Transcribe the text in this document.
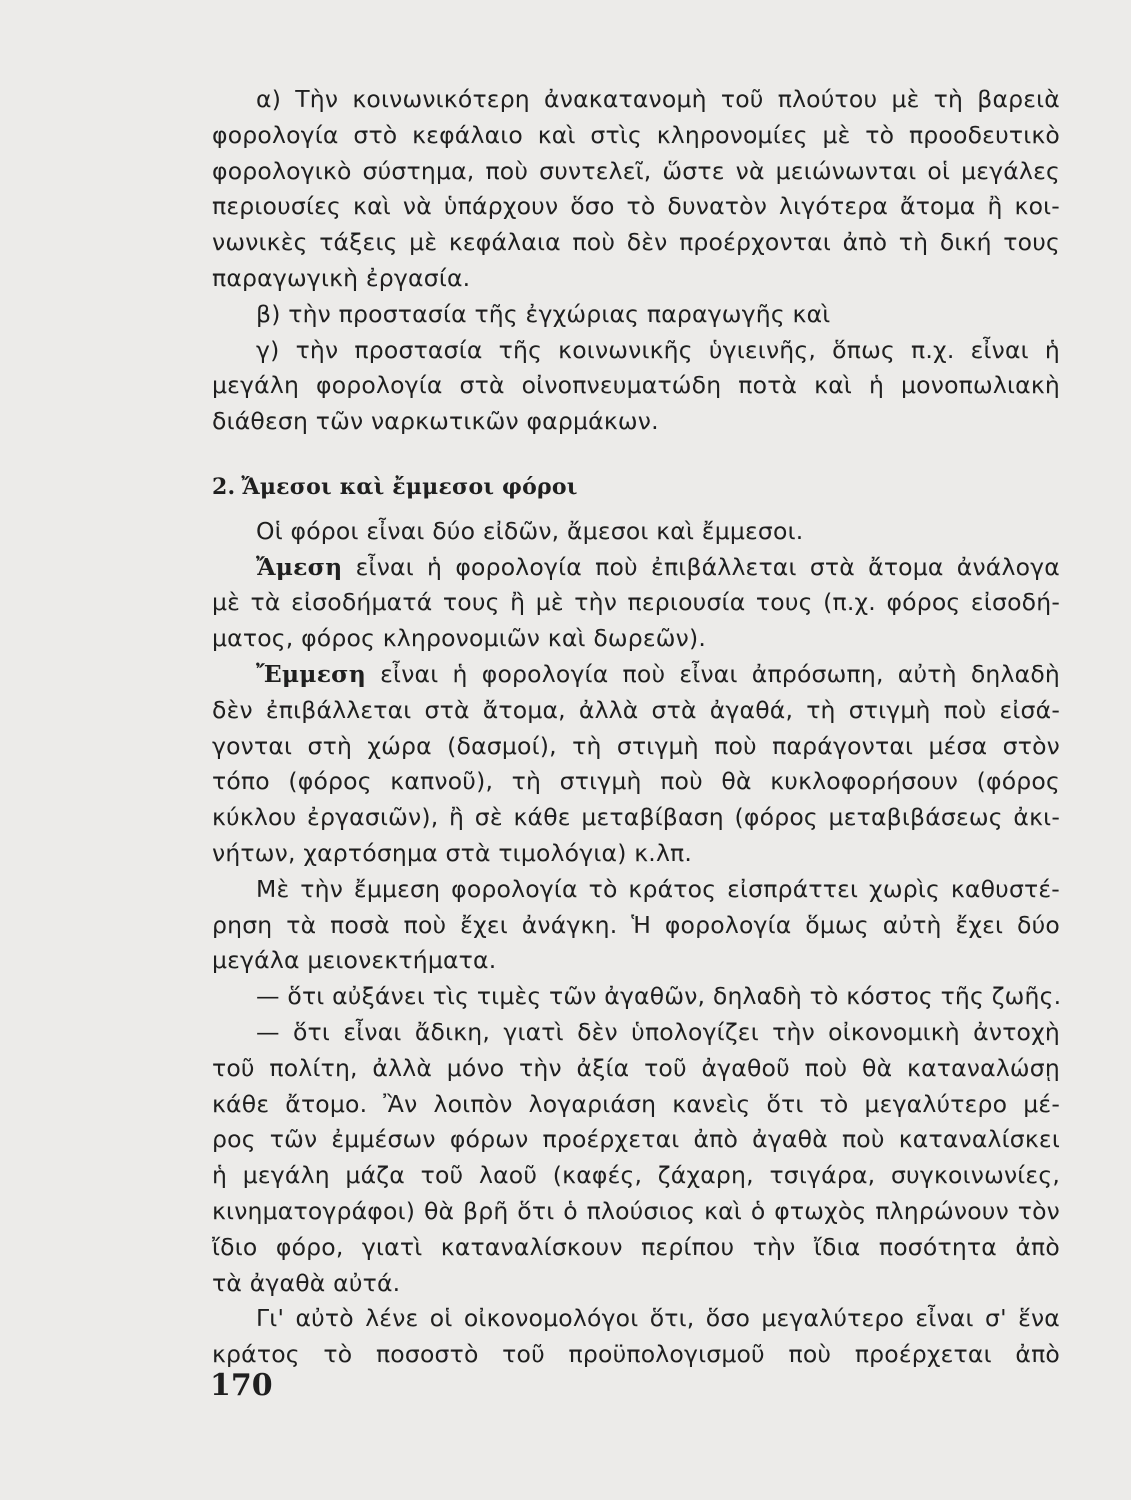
α) Τὴν κοινωνικότερη ἀνακατανομὴ τοῦ πλούτου μὲ τὴ βαρειὰ
φορολογία στὸ κεφάλαιο καὶ στὶς κληρονομίες μὲ τὸ προοδευτικὸ
φορολογικὸ σύστημα, ποὺ συντελεῖ, ὥστε νὰ μειώνωνται οἱ μεγάλες
περιουσίες καὶ νὰ ὑπάρχουν ὅσο τὸ δυνατὸν λιγότερα ἄτομα ἢ κοι-
νωνικὲς τάξεις μὲ κεφάλαια ποὺ δὲν προέρχονται ἀπὸ τὴ δική τους
παραγωγικὴ ἐργασία.
β) τὴν προστασία τῆς ἐγχώριας παραγωγῆς καὶ
γ) τὴν προστασία τῆς κοινωνικῆς ὑγιεινῆς, ὅπως π.χ. εἶναι ἡ
μεγάλη φορολογία στὰ οἰνοπνευματώδη ποτὰ καὶ ἡ μονοπωλιακὴ
διάθεση τῶν ναρκωτικῶν φαρμάκων.
2. Ἄμεσοι καὶ ἔμμεσοι φόροι
Οἱ φόροι εἶναι δύο εἰδῶν, ἄμεσοι καὶ ἔμμεσοι.
Ἄμεση εἶναι ἡ φορολογία ποὺ ἐπιβάλλεται στὰ ἄτομα ἀνάλογα
μὲ τὰ εἰσοδήματά τους ἢ μὲ τὴν περιουσία τους (π.χ. φόρος εἰσοδή-
ματος, φόρος κληρονομιῶν καὶ δωρεῶν).
Ἔμμεση εἶναι ἡ φορολογία ποὺ εἶναι ἀπρόσωπη, αὐτὴ δηλαδὴ
δὲν ἐπιβάλλεται στὰ ἄτομα, ἀλλὰ στὰ ἀγαθά, τὴ στιγμὴ ποὺ εἰσά-
γονται στὴ χώρα (δασμοί), τὴ στιγμὴ ποὺ παράγονται μέσα στὸν
τόπο (φόρος καπνοῦ), τὴ στιγμὴ ποὺ θὰ κυκλοφορήσουν (φόρος
κύκλου ἐργασιῶν), ἢ σὲ κάθε μεταβίβαση (φόρος μεταβιβάσεως ἀκι-
νήτων, χαρτόσημα στὰ τιμολόγια) κ.λπ.
Μὲ τὴν ἔμμεση φορολογία τὸ κράτος εἰσπράττει χωρὶς καθυστέ-
ρηση τὰ ποσὰ ποὺ ἔχει ἀνάγκη. Ἡ φορολογία ὅμως αὐτὴ ἔχει δύο
μεγάλα μειονεκτήματα.
— ὅτι αὐξάνει τὶς τιμὲς τῶν ἀγαθῶν, δηλαδὴ τὸ κόστος τῆς ζωῆς.
— ὅτι εἶναι ἄδικη, γιατὶ δὲν ὑπολογίζει τὴν οἰκονομικὴ ἀντοχὴ
τοῦ πολίτη, ἀλλὰ μόνο τὴν ἀξία τοῦ ἀγαθοῦ ποὺ θὰ καταναλώσῃ
κάθε ἄτομο. Ἂν λοιπὸν λογαριάση κανεὶς ὅτι τὸ μεγαλύτερο μέ-
ρος τῶν ἐμμέσων φόρων προέρχεται ἀπὸ ἀγαθὰ ποὺ καταναλίσκει
ἡ μεγάλη μάζα τοῦ λαοῦ (καφές, ζάχαρη, τσιγάρα, συγκοινωνίες,
κινηματογράφοι) θὰ βρῆ ὅτι ὁ πλούσιος καὶ ὁ φτωχὸς πληρώνουν τὸν
ἴδιο φόρο, γιατὶ καταναλίσκουν περίπου τὴν ἴδια ποσότητα ἀπὸ
τὰ ἀγαθὰ αὐτά.
Γι' αὐτὸ λένε οἱ οἰκονομολόγοι ὅτι, ὅσο μεγαλύτερο εἶναι σ' ἕνα
κράτος τὸ ποσοστὸ τοῦ προϋπολογισμοῦ ποὺ προέρχεται ἀπὸ
170
